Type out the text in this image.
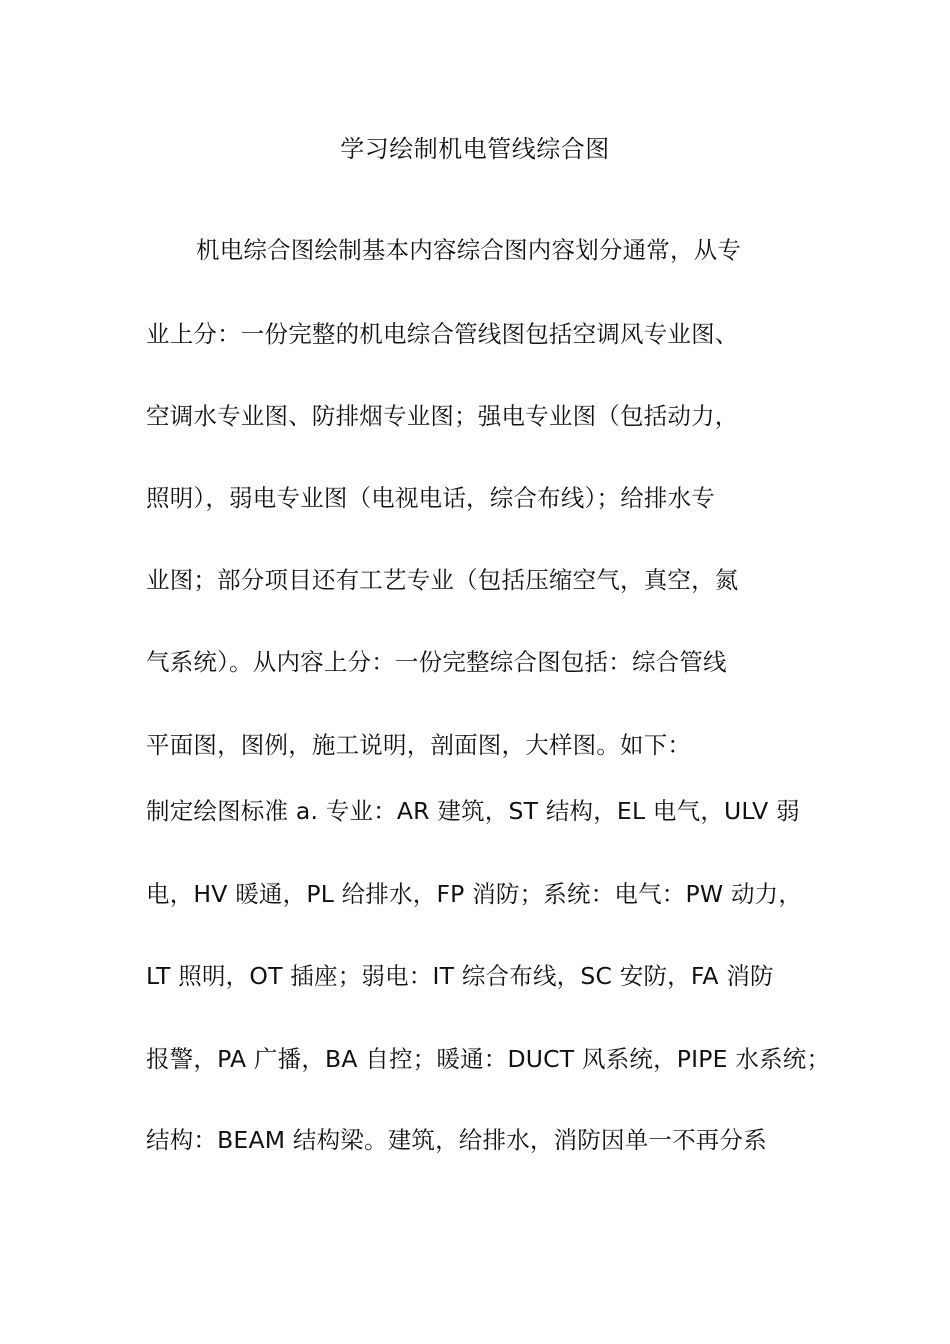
学习绘制机电管线综合图
机电综合图绘制基本内容综合图内容划分通常，从专
业上分：一份完整的机电综合管线图包括空调风专业图、
空调水专业图、防排烟专业图；强电专业图（包括动力，
照明），弱电专业图（电视电话，综合布线）；给排水专
业图；部分项目还有工艺专业（包括压缩空气，真空，氮
气系统）。从内容上分：一份完整综合图包括：综合管线
平面图，图例，施工说明，剖面图，大样图。如下：
制定绘图标准 a. 专业：AR 建筑，ST 结构，EL 电气，ULV 弱
电，HV 暖通，PL 给排水，FP 消防；系统：电气：PW 动力，
LT 照明，OT 插座；弱电：IT 综合布线，SC 安防，FA 消防
报警，PA 广播，BA 自控；暖通：DUCT 风系统，PIPE 水系统；
结构：BEAM 结构梁。建筑，给排水，消防因单一不再分系
